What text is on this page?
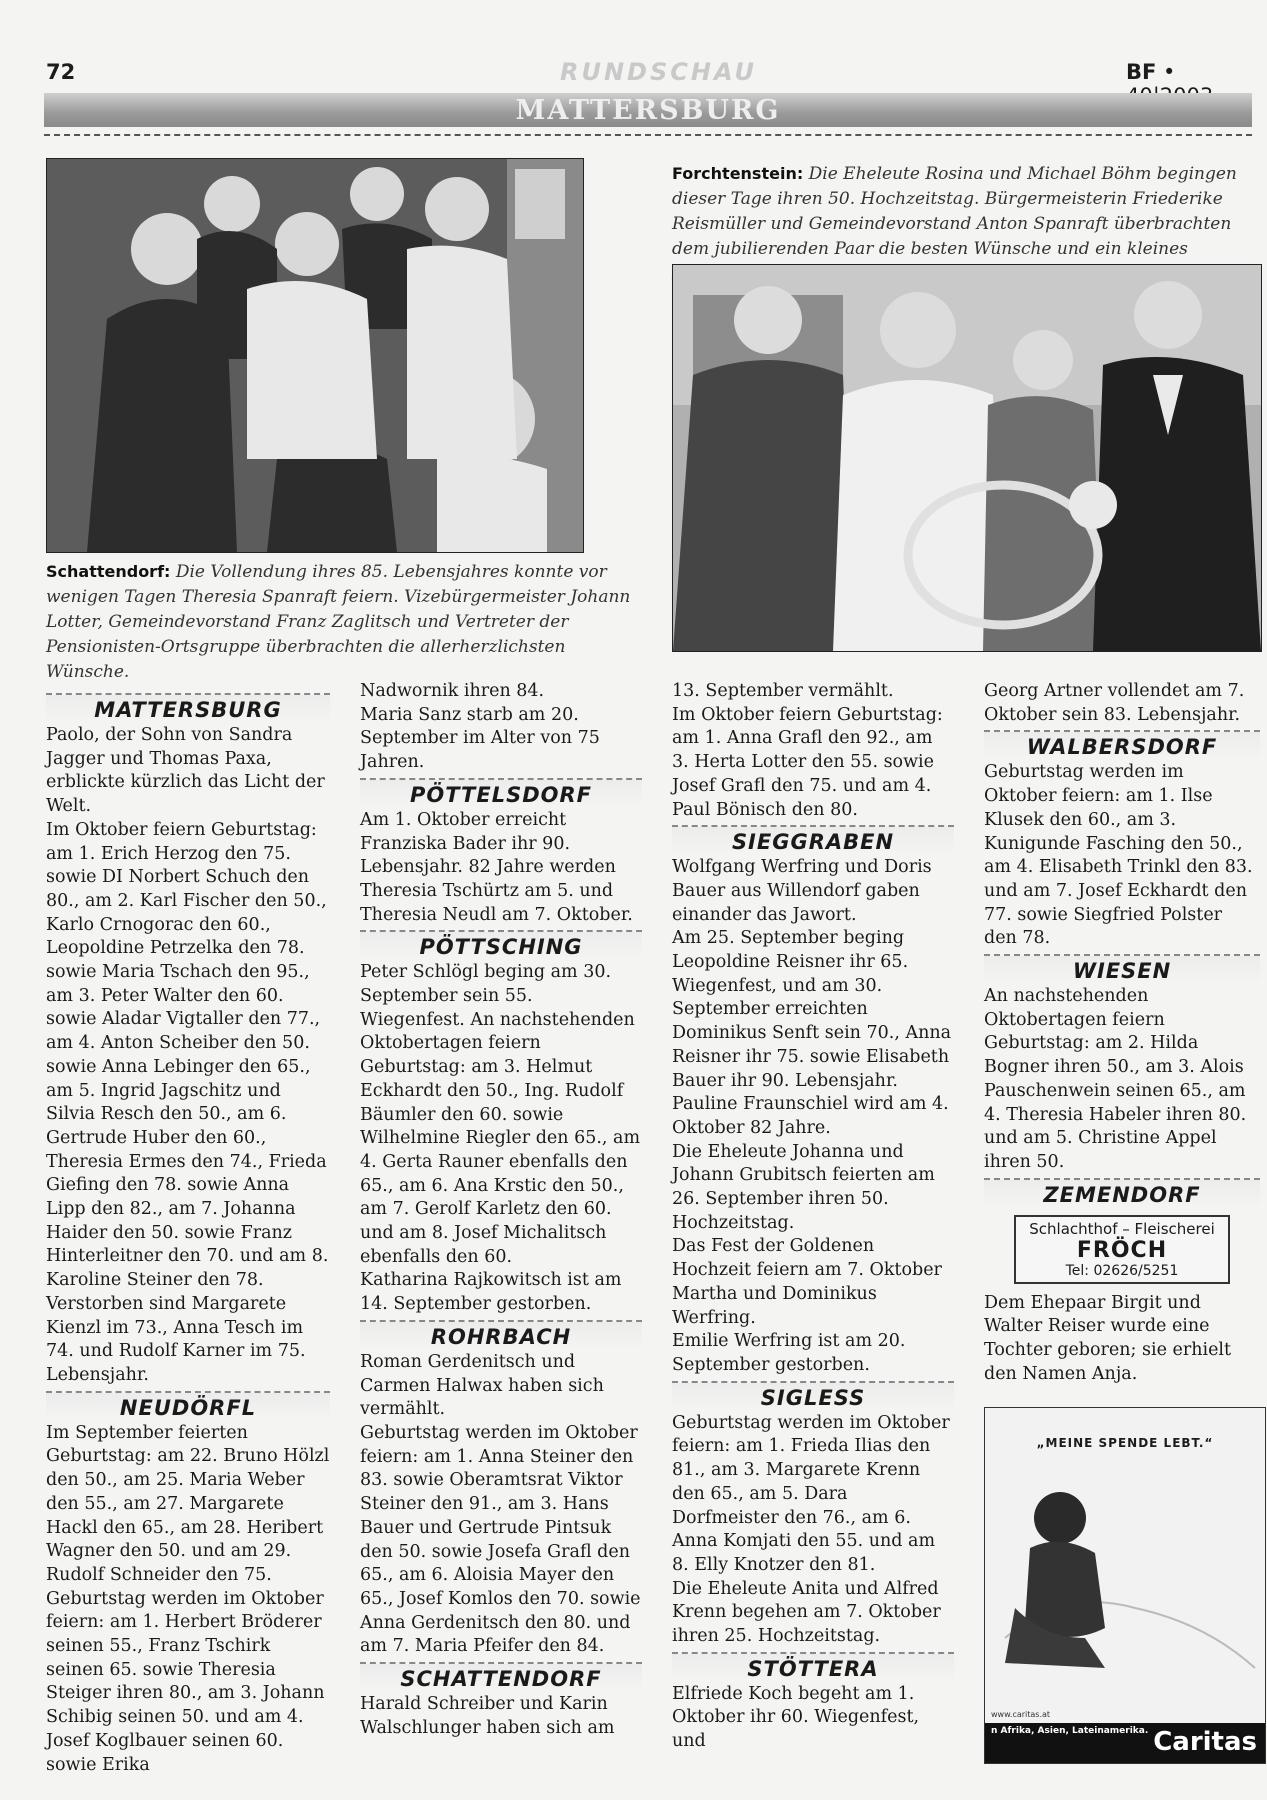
72	RUNDSCHAU	BF •
MATTERSBURG
Schattendorf: Die Vollendung ihres 85. Lebensjahres konnte vor wenigen Tagen Theresia Spanraft feiern. Vizebürgermeister Johann Lotter, Gemeindevorstand Franz Zaglitsch und Vertreter der Pensionisten-Ortsgruppe überbrachten die allerherzlichsten Wünsche.
Forchtenstein: Die Eheleute Rosina und Michael Böhm begingen dieser Tage ihren 50. Hochzeitstag. Bürgermeisterin Friederike Reismüller und Gemeindevorstand Anton Spanraft überbrachten dem jubilierenden Paar die besten Wünsche und ein kleines
MATTERSBURG

Paolo, der Sohn von Sandra Jagger und Thomas Paxa, erblickte kürzlich das Licht der Welt.

Im Oktober feiern Geburtstag: am 1. Erich Herzog den 75. sowie DI Norbert Schuch den 80., am 2. Karl Fischer den 50., Karlo Crnogorac den 60., Leopoldine Petrzelka den 78. sowie Maria Tschach den 95., am 3. Peter Walter den 60. sowie Aladar Vigtaller den 77., am 4. Anton Scheiber den 50. sowie Anna Lebinger den 65., am 5. Ingrid Jagschitz und Silvia Resch den 50., am 6. Gertrude Huber den 60., Theresia Ermes den 74., Frieda Giefing den 78. sowie Anna Lipp den 82., am 7. Johanna Haider den 50. sowie Franz Hinterleitner den 70. und am 8. Karoline Steiner den 78. Verstorben sind Margarete Kienzl im 73., Anna Tesch im 74. und Rudolf Karner im 75. Lebensjahr.

NEUDÖRFL

Im September feierten Geburtstag: am 22. Bruno Hölzl den 50., am 25. Maria Weber den 55., am 27. Margarete Hackl den 65., am 28. Heribert Wagner den 50. und am 29. Rudolf Schneider den 75.

Geburtstag werden im Oktober feiern: am 1. Herbert Bröderer seinen 55., Franz Tschirk seinen 65. sowie Theresia Steiger ihren 80., am 3. Johann Schibig seinen 50. und am 4. Josef Koglbauer seinen 60. sowie Erika

Nadwornik ihren 84.

Maria Sanz starb am 20. September im Alter von 75 Jahren.

PÖTTELSDORF

Am 1. Oktober erreicht Franziska Bader ihr 90. Lebensjahr. 82 Jahre werden Theresia Tschürtz am 5. und Theresia Neudl am 7. Oktober.

PÖTTSCHING

Peter Schlögl beging am 30. September sein 55. Wiegenfest. An nachstehenden Oktobertagen feiern Geburtstag: am 3. Helmut Eckhardt den 50., Ing. Rudolf Bäumler den 60. sowie Wilhelmine Riegler den 65., am 4. Gerta Rauner ebenfalls den 65., am 6. Ana Krstic den 50., am 7. Gerolf Karletz den 60. und am 8. Josef Michalitsch ebenfalls den 60.

Katharina Rajkowitsch ist am 14. September gestorben.

ROHRBACH

Roman Gerdenitsch und Carmen Halwax haben sich vermählt.

Geburtstag werden im Oktober feiern: am 1. Anna Steiner den 83. sowie Oberamtsrat Viktor Steiner den 91., am 3. Hans Bauer und Gertrude Pintsuk den 50. sowie Josefa Grafl den 65., am 6. Aloisia Mayer den 65., Josef Komlos den 70. sowie Anna Gerdenitsch den 80. und am 7. Maria Pfeifer den 84.

SCHATTENDORF

Harald Schreiber und Karin Walschlunger haben sich am

13. September vermählt.

Im Oktober feiern Geburtstag: am 1. Anna Grafl den 92., am 3. Herta Lotter den 55. sowie Josef Grafl den 75. und am 4. Paul Bönisch den 80.

SIEGGRABEN

Wolfgang Werfring und Doris Bauer aus Willendorf gaben einander das Jawort.

Am 25. September beging Leopoldine Reisner ihr 65. Wiegenfest, und am 30. September erreichten Dominikus Senft sein 70., Anna Reisner ihr 75. sowie Elisabeth Bauer ihr 90. Lebensjahr.

Pauline Fraunschiel wird am 4. Oktober 82 Jahre.

Die Eheleute Johanna und Johann Grubitsch feierten am 26. September ihren 50. Hochzeitstag.

Das Fest der Goldenen Hochzeit feiern am 7. Oktober Martha und Dominikus Werfring.

Emilie Werfring ist am 20. September gestorben.

SIGLESS

Geburtstag werden im Oktober feiern: am 1. Frieda Ilias den 81., am 3. Margarete Krenn den 65., am 5. Dara Dorfmeister den 76., am 6. Anna Komjati den 55. und am 8. Elly Knotzer den 81.

Die Eheleute Anita und Alfred Krenn begehen am 7. Oktober ihren 25. Hochzeitstag.

STÖTTERA

Elfriede Koch begeht am 1. Oktober ihr 60. Wiegenfest, und

Georg Artner vollendet am 7. Oktober sein 83. Lebensjahr.

WALBERSDORF

Geburtstag werden im Oktober feiern: am 1. Ilse Klusek den 60., am 3. Kunigunde Fasching den 50., am 4. Elisabeth Trinkl den 83. und am 7. Josef Eckhardt den 77. sowie Siegfried Polster den 78.

WIESEN

An nachstehenden Oktobertagen feiern Geburtstag: am 2. Hilda Bogner ihren 50., am 3. Alois Pauschenwein seinen 65., am 4. Theresia Habeler ihren 80. und am 5. Christine Appel ihren 50.

ZEMENDORF
Schlachthof – Fleischerei
FRÖCH
Tel: 02626/5251

Dem Ehepaar Birgit und Walter Reiser wurde eine Tochter geboren; sie erhielt den Namen Anja.

„MEINE SPENDE LEBT.“
www.caritas.at
n Afrika, Asien, Lateinamerika. Caritas
